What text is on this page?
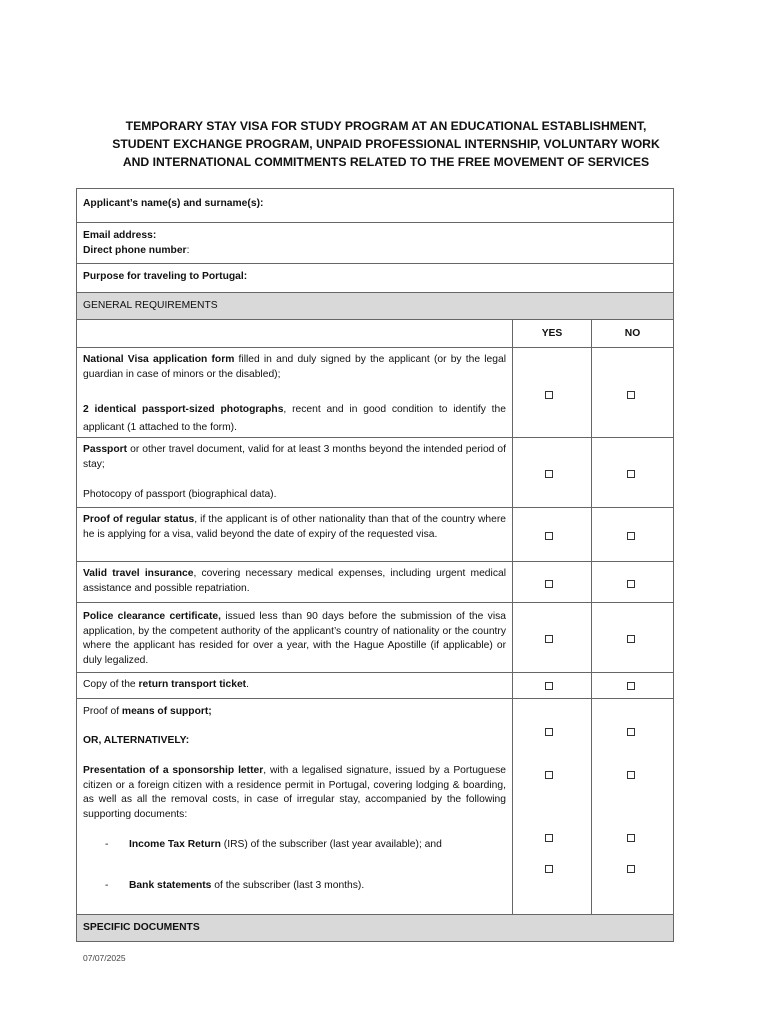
TEMPORARY STAY VISA FOR STUDY PROGRAM AT AN EDUCATIONAL ESTABLISHMENT,
STUDENT EXCHANGE PROGRAM, UNPAID PROFESSIONAL INTERNSHIP, VOLUNTARY WORK
AND INTERNATIONAL COMMITMENTS RELATED TO THE FREE MOVEMENT OF SERVICES
Applicant’s name(s) and surname(s):
Email address:
Direct phone number:
Purpose for traveling to Portugal:
GENERAL REQUIREMENTS
YES	NO
National Visa application form filled in and duly signed by the applicant (or by the legal guardian in case of minors or the disabled);
2 identical passport-sized photographs, recent and in good condition to identify the applicant (1 attached to the form).
Passport or other travel document, valid for at least 3 months beyond the intended period of stay;
Photocopy of passport (biographical data).
Proof of regular status, if the applicant is of other nationality than that of the country where he is applying for a visa, valid beyond the date of expiry of the requested visa.
Valid travel insurance, covering necessary medical expenses, including urgent medical assistance and possible repatriation.
Police clearance certificate, issued less than 90 days before the submission of the visa application, by the competent authority of the applicant’s country of nationality or the country where the applicant has resided for over a year, with the Hague Apostille (if applicable) or duly legalized.
Copy of the return transport ticket.
Proof of means of support;
OR, ALTERNATIVELY:
Presentation of a sponsorship letter, with a legalised signature, issued by a Portuguese citizen or a foreign citizen with a residence permit in Portugal, covering lodging & boarding, as well as all the removal costs, in case of irregular stay, accompanied by the following supporting documents:
- Income Tax Return (IRS) of the subscriber (last year available); and
- Bank statements of the subscriber (last 3 months).
SPECIFIC DOCUMENTS
07/07/2025
